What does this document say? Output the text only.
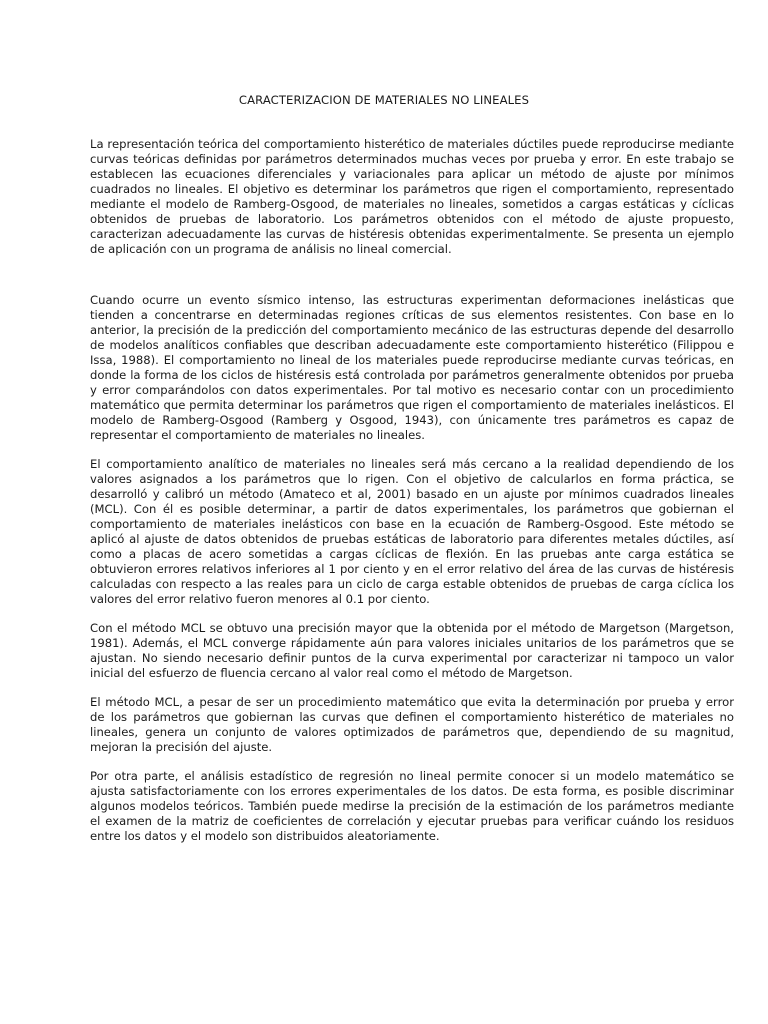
CARACTERIZACION DE MATERIALES NO LINEALES

La representación teórica del comportamiento histerético de materiales dúctiles puede reproducirse mediante curvas teóricas definidas por parámetros determinados muchas veces por prueba y error. En este trabajo se establecen las ecuaciones diferenciales y variacionales para aplicar un método de ajuste por mínimos cuadrados no lineales. El objetivo es determinar los parámetros que rigen el comportamiento, representado mediante el modelo de Ramberg-Osgood, de materiales no lineales, sometidos a cargas estáticas y cíclicas obtenidos de pruebas de laboratorio. Los parámetros obtenidos con el método de ajuste propuesto, caracterizan adecuadamente las curvas de histéresis obtenidas experimentalmente. Se presenta un ejemplo de aplicación con un programa de análisis no lineal comercial.

Cuando ocurre un evento sísmico intenso, las estructuras experimentan deformaciones inelásticas que tienden a concentrarse en determinadas regiones críticas de sus elementos resistentes. Con base en lo anterior, la precisión de la predicción del comportamiento mecánico de las estructuras depende del desarrollo de modelos analíticos confiables que describan adecuadamente este comportamiento histerético (Filippou e Issa, 1988). El comportamiento no lineal de los materiales puede reproducirse mediante curvas teóricas, en donde la forma de los ciclos de histéresis está controlada por parámetros generalmente obtenidos por prueba y error comparándolos con datos experimentales. Por tal motivo es necesario contar con un procedimiento matemático que permita determinar los parámetros que rigen el comportamiento de materiales inelásticos. El modelo de Ramberg-Osgood (Ramberg y Osgood, 1943), con únicamente tres parámetros es capaz de representar el comportamiento de materiales no lineales.

El comportamiento analítico de materiales no lineales será más cercano a la realidad dependiendo de los valores asignados a los parámetros que lo rigen. Con el objetivo de calcularlos en forma práctica, se desarrolló y calibró un método (Amateco et al, 2001) basado en un ajuste por mínimos cuadrados lineales (MCL). Con él es posible determinar, a partir de datos experimentales, los parámetros que gobiernan el comportamiento de materiales inelásticos con base en la ecuación de Ramberg-Osgood. Este método se aplicó al ajuste de datos obtenidos de pruebas estáticas de laboratorio para diferentes metales dúctiles, así como a placas de acero sometidas a cargas cíclicas de flexión. En las pruebas ante carga estática se obtuvieron errores relativos inferiores al 1 por ciento y en el error relativo del área de las curvas de histéresis calculadas con respecto a las reales para un ciclo de carga estable obtenidos de pruebas de carga cíclica los valores del error relativo fueron menores al 0.1 por ciento.

Con el método MCL se obtuvo una precisión mayor que la obtenida por el método de Margetson (Margetson, 1981). Además, el MCL converge rápidamente aún para valores iniciales unitarios de los parámetros que se ajustan. No siendo necesario definir puntos de la curva experimental por caracterizar ni tampoco un valor inicial del esfuerzo de fluencia cercano al valor real como el método de Margetson.

El método MCL, a pesar de ser un procedimiento matemático que evita la determinación por prueba y error de los parámetros que gobiernan las curvas que definen el comportamiento histerético de materiales no lineales, genera un conjunto de valores optimizados de parámetros que, dependiendo de su magnitud, mejoran la precisión del ajuste.

Por otra parte, el análisis estadístico de regresión no lineal permite conocer si un modelo matemático se ajusta satisfactoriamente con los errores experimentales de los datos. De esta forma, es posible discriminar algunos modelos teóricos. También puede medirse la precisión de la estimación de los parámetros mediante el examen de la matriz de coeficientes de correlación y ejecutar pruebas para verificar cuándo los residuos entre los datos y el modelo son distribuidos aleatoriamente.
